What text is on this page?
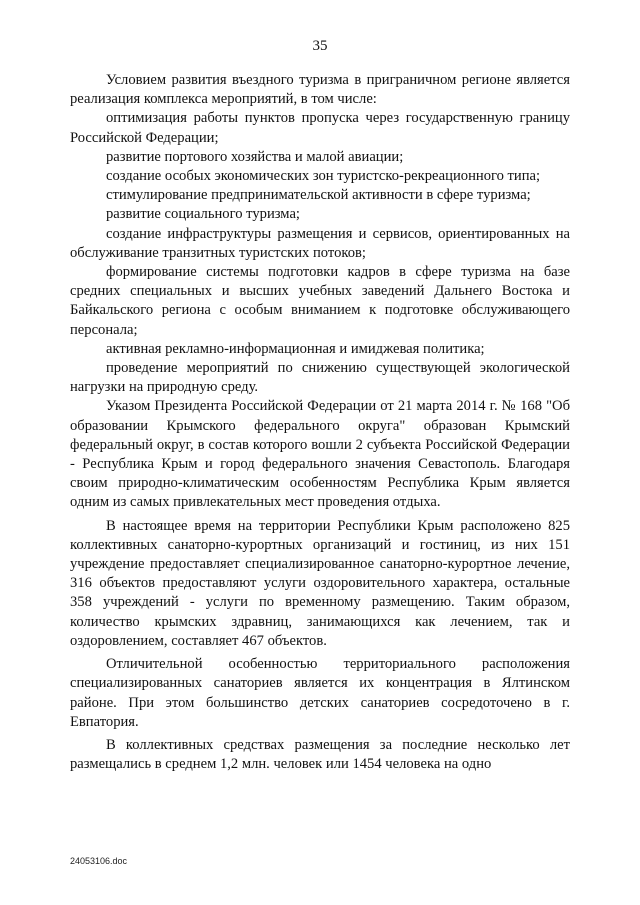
35

Условием развития въездного туризма в приграничном регионе является реализация комплекса мероприятий, в том числе:

оптимизация работы пунктов пропуска через государственную границу Российской Федерации;

развитие портового хозяйства и малой авиации;

создание особых экономических зон туристско-рекреационного типа;

стимулирование предпринимательской активности в сфере туризма;

развитие социального туризма;

создание инфраструктуры размещения и сервисов, ориентированных на обслуживание транзитных туристских потоков;

формирование системы подготовки кадров в сфере туризма на базе средних специальных и высших учебных заведений Дальнего Востока и Байкальского региона с особым вниманием к подготовке обслуживающего персонала;

активная рекламно-информационная и имиджевая политика;

проведение мероприятий по снижению существующей экологической нагрузки на природную среду.

Указом Президента Российской Федерации от 21 марта 2014 г. № 168 "Об образовании Крымского федерального округа" образован Крымский федеральный округ, в состав которого вошли 2 субъекта Российской Федерации - Республика Крым и город федерального значения Севастополь. Благодаря своим природно-климатическим особенностям Республика Крым является одним из самых привлекательных мест проведения отдыха.

В настоящее время на территории Республики Крым расположено 825 коллективных санаторно-курортных организаций и гостиниц, из них 151 учреждение предоставляет специализированное санаторно-курортное лечение, 316 объектов предоставляют услуги оздоровительного характера, остальные 358 учреждений - услуги по временному размещению. Таким образом, количество крымских здравниц, занимающихся как лечением, так и оздоровлением, составляет 467 объектов.

Отличительной особенностью территориального расположения специализированных санаториев является их концентрация в Ялтинском районе. При этом большинство детских санаториев сосредоточено в г. Евпатория.

В коллективных средствах размещения за последние несколько лет размещались в среднем 1,2 млн. человек или 1454 человека на одно

24053106.doc
